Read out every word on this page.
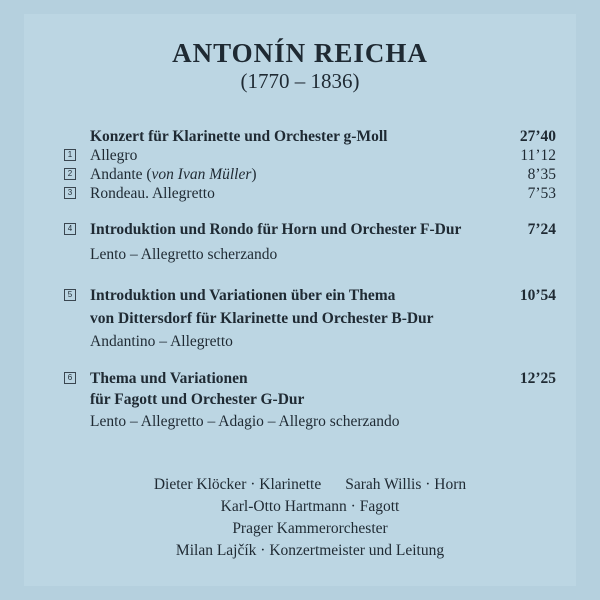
ANTONÍN REICHA
(1770 – 1836)
Konzert für Klarinette und Orchester g-Moll	27’40
1 Allegro	11’12
2 Andante (von Ivan Müller)	8’35
3 Rondeau. Allegretto	7’53
4 Introduktion und Rondo für Horn und Orchester F-Dur	7’24
Lento – Allegretto scherzando
5 Introduktion und Variationen über ein Thema	10’54
von Dittersdorf für Klarinette und Orchester B-Dur
Andantino – Allegretto
6 Thema und Variationen	12’25
für Fagott und Orchester G-Dur
Lento – Allegretto – Adagio – Allegro scherzando
Dieter Klöcker · Klarinette Sarah Willis · Horn
Karl-Otto Hartmann · Fagott
Prager Kammerorchester
Milan Lajčík · Konzertmeister und Leitung
